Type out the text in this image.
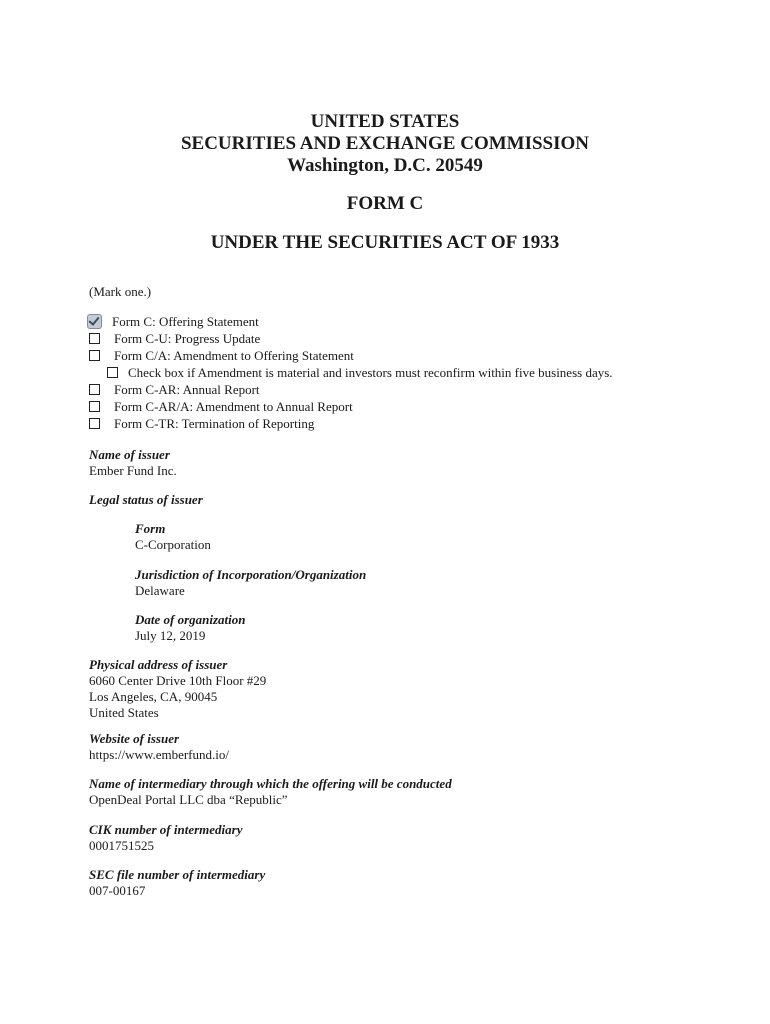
UNITED STATES
SECURITIES AND EXCHANGE COMMISSION
Washington, D.C. 20549
FORM C
UNDER THE SECURITIES ACT OF 1933
(Mark one.)
Form C: Offering Statement
Form C-U: Progress Update
Form C/A: Amendment to Offering Statement
Check box if Amendment is material and investors must reconfirm within five business days.
Form C-AR: Annual Report
Form C-AR/A: Amendment to Annual Report
Form C-TR: Termination of Reporting
Name of issuer
Ember Fund Inc.
Legal status of issuer
Form
C-Corporation
Jurisdiction of Incorporation/Organization
Delaware
Date of organization
July 12, 2019
Physical address of issuer
6060 Center Drive 10th Floor #29
Los Angeles, CA, 90045
United States
Website of issuer
https://www.emberfund.io/
Name of intermediary through which the offering will be conducted
OpenDeal Portal LLC dba “Republic”
CIK number of intermediary
0001751525
SEC file number of intermediary
007-00167
